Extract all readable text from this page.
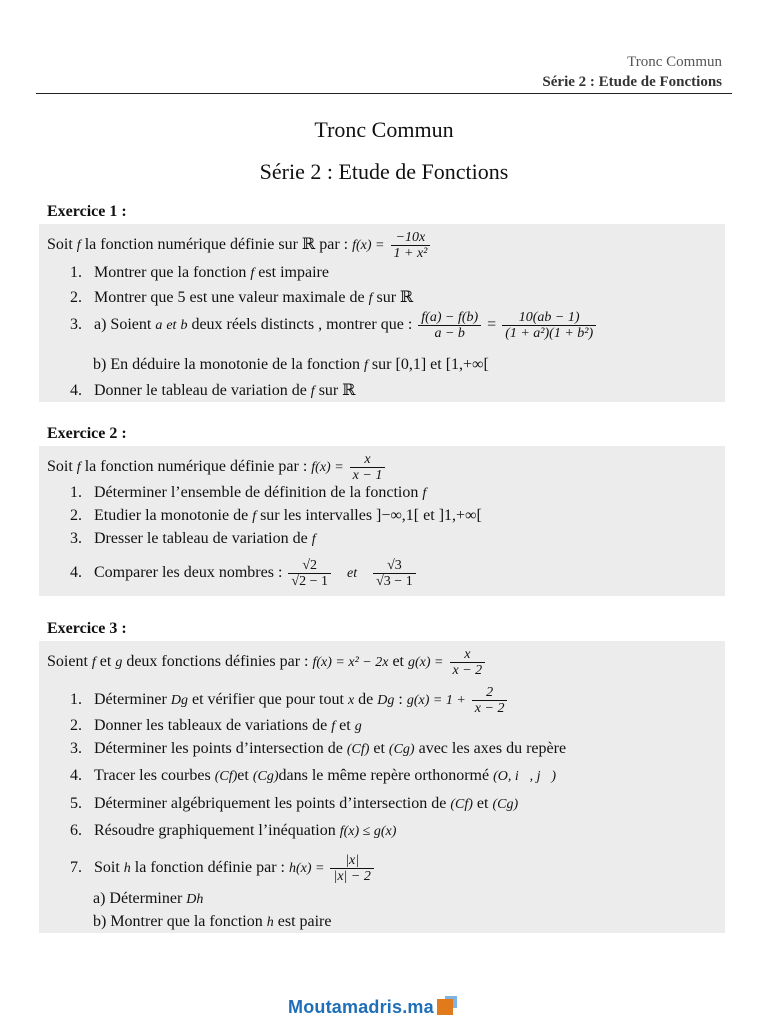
Tronc Commun
Série 2 : Etude de Fonctions
Tronc Commun
Série 2 : Etude de Fonctions
Exercice 1 :
Soit f la fonction numérique définie sur ℝ par : $f(x) = \frac{-10x}{\text{1 + x²}}$
1. Montrer que la fonction f est impaire
2. Montrer que 5 est une valeur maximale de f sur ℝ
3. a) Soient a et b deux réels distincts , montrer que : $\frac{f(a) - f(b)}{a - b} = \frac{10(ab - 1)}{\text{(1 + a²)(1 + b²)}}$
b) En déduire la monotonie de la fonction f sur [0,1] et [1,+∞[
4. Donner le tableau de variation de f sur ℝ
Exercice 2 :
Soit f la fonction numérique définie par : $f(x) = \frac{x}{x - 1}$
1. Déterminer l’ensemble de définition de la fonction f
2. Etudier la monotonie de f sur les intervalles ]−∞,1[ et ]1,+∞[
3. Dresser le tableau de variation de f
4. Comparer les deux nombres : $\frac{√2}{√2 - 1}$ et $\frac{√3}{√3 - 1}$
Exercice 3 :
Soient f et g deux fonctions définies par : f(x) = x² − 2x et $g(x) = \frac{x}{x - 2}$
1. Déterminer Dg et vérifier que pour tout x de Dg : $g(x) = 1 + \frac{2}{x - 2}$
2. Donner les tableaux de variations de f et g
3. Déterminer les points d’intersection de (Cf) et (Cg) avec les axes du repère
4. Tracer les courbes (Cf)et (Cg)dans le même repère orthonormé (O, i⃗, j⃗)
5. Déterminer algébriquement les points d’intersection de (Cf) et (Cg)
6. Résoudre graphiquement l’inéquation f(x) ≤ g(x)
7. Soit h la fonction définie par : $h(x) = \frac{|x|}{|x| - 2}$
a) Déterminer Dh
b) Montrer que la fonction h est paire
Moutamadris.ma
